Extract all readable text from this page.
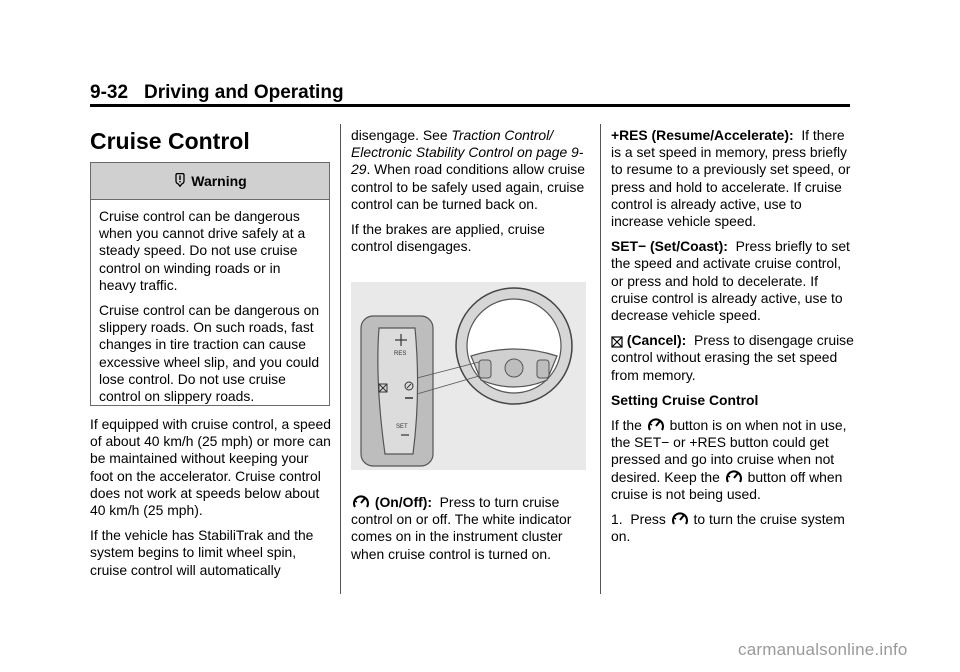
9-32 Driving and Operating
Cruise Control
Warning

Cruise control can be dangerous when you cannot drive safely at a steady speed. Do not use cruise control on winding roads or in heavy traffic.

Cruise control can be dangerous on slippery roads. On such roads, fast changes in tire traction can cause excessive wheel slip, and you could lose control. Do not use cruise control on slippery roads.

If equipped with cruise control, a speed of about 40 km/h (25 mph) or more can be maintained without keeping your foot on the accelerator. Cruise control does not work at speeds below about 40 km/h (25 mph).

If the vehicle has StabiliTrak and the system begins to limit wheel spin, cruise control will automatically

disengage. See Traction Control/ Electronic Stability Control on page 9-29. When road conditions allow cruise control to be safely used again, cruise control can be turned back on.

If the brakes are applied, cruise control disengages.

RES
SET

(On/Off): Press to turn cruise control on or off. The white indicator comes on in the instrument cluster when cruise control is turned on.

+RES (Resume/Accelerate): If there is a set speed in memory, press briefly to resume to a previously set speed, or press and hold to accelerate. If cruise control is already active, use to increase vehicle speed.

SET− (Set/Coast): Press briefly to set the speed and activate cruise control, or press and hold to decelerate. If cruise control is already active, use to decrease vehicle speed.

(Cancel): Press to disengage cruise control without erasing the set speed from memory.

Setting Cruise Control

If the button is on when not in use, the SET− or +RES button could get pressed and go into cruise when not desired. Keep the button off when cruise is not being used.

1. Press to turn the cruise system on.

carmanualsonline.info
